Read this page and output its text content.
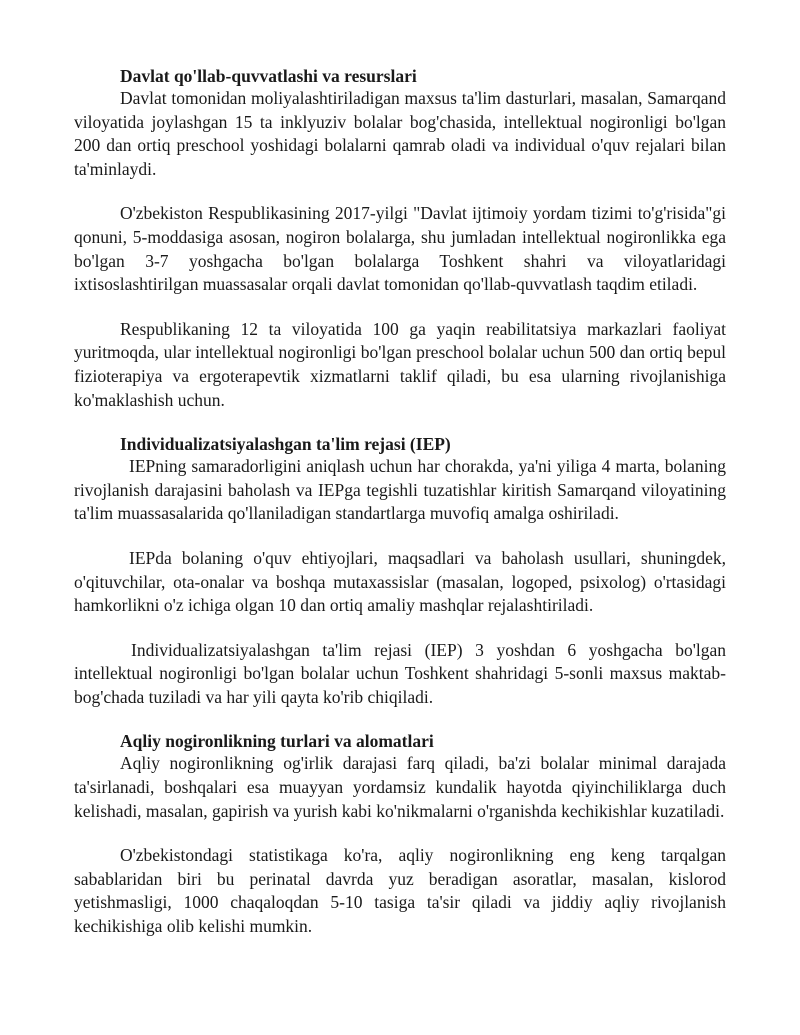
Davlat qo'llab-quvvatlashi va resurslari

Davlat tomonidan moliyalashtiriladigan maxsus ta'lim dasturlari, masalan, Samarqand viloyatida joylashgan 15 ta inklyuziv bolalar bog'chasida, intellektual nogironligi bo'lgan 200 dan ortiq preschool yoshidagi bolalarni qamrab oladi va individual o'quv rejalari bilan ta'minlaydi.

O'zbekiston Respublikasining 2017-yilgi "Davlat ijtimoiy yordam tizimi to'g'risida"gi qonuni, 5-moddasiga asosan, nogiron bolalarga, shu jumladan intellektual nogironlikka ega bo'lgan 3-7 yoshgacha bo'lgan bolalarga Toshkent shahri va viloyatlaridagi ixtisoslashtirilgan muassasalar orqali davlat tomonidan qo'llab-quvvatlash taqdim etiladi.

Respublikaning 12 ta viloyatida 100 ga yaqin reabilitatsiya markazlari faoliyat yuritmoqda, ular intellektual nogironligi bo'lgan preschool bolalar uchun 500 dan ortiq bepul fizioterapiya va ergoterapevtik xizmatlarni taklif qiladi, bu esa ularning rivojlanishiga ko'maklashish uchun.

Individualizatsiyalashgan ta'lim rejasi (IEP)

IEPning samaradorligini aniqlash uchun har chorakda, ya'ni yiliga 4 marta, bolaning rivojlanish darajasini baholash va IEPga tegishli tuzatishlar kiritish Samarqand viloyatining ta'lim muassasalarida qo'llaniladigan standartlarga muvofiq amalga oshiriladi.

IEPda bolaning o'quv ehtiyojlari, maqsadlari va baholash usullari, shuningdek, o'qituvchilar, ota-onalar va boshqa mutaxassislar (masalan, logoped, psixolog) o'rtasidagi hamkorlikni o'z ichiga olgan 10 dan ortiq amaliy mashqlar rejalashtiriladi.

Individualizatsiyalashgan ta'lim rejasi (IEP) 3 yoshdan 6 yoshgacha bo'lgan intellektual nogironligi bo'lgan bolalar uchun Toshkent shahridagi 5-sonli maxsus maktab-bog'chada tuziladi va har yili qayta ko'rib chiqiladi.

Aqliy nogironlikning turlari va alomatlari

Aqliy nogironlikning og'irlik darajasi farq qiladi, ba'zi bolalar minimal darajada ta'sirlanadi, boshqalari esa muayyan yordamsiz kundalik hayotda qiyinchiliklarga duch kelishadi, masalan, gapirish va yurish kabi ko'nikmalarni o'rganishda kechikishlar kuzatiladi.

O'zbekistondagi statistikaga ko'ra, aqliy nogironlikning eng keng tarqalgan sabablaridan biri bu perinatal davrda yuz beradigan asoratlar, masalan, kislorod yetishmasligi, 1000 chaqaloqdan 5-10 tasiga ta'sir qiladi va jiddiy aqliy rivojlanish kechikishiga olib kelishi mumkin.
